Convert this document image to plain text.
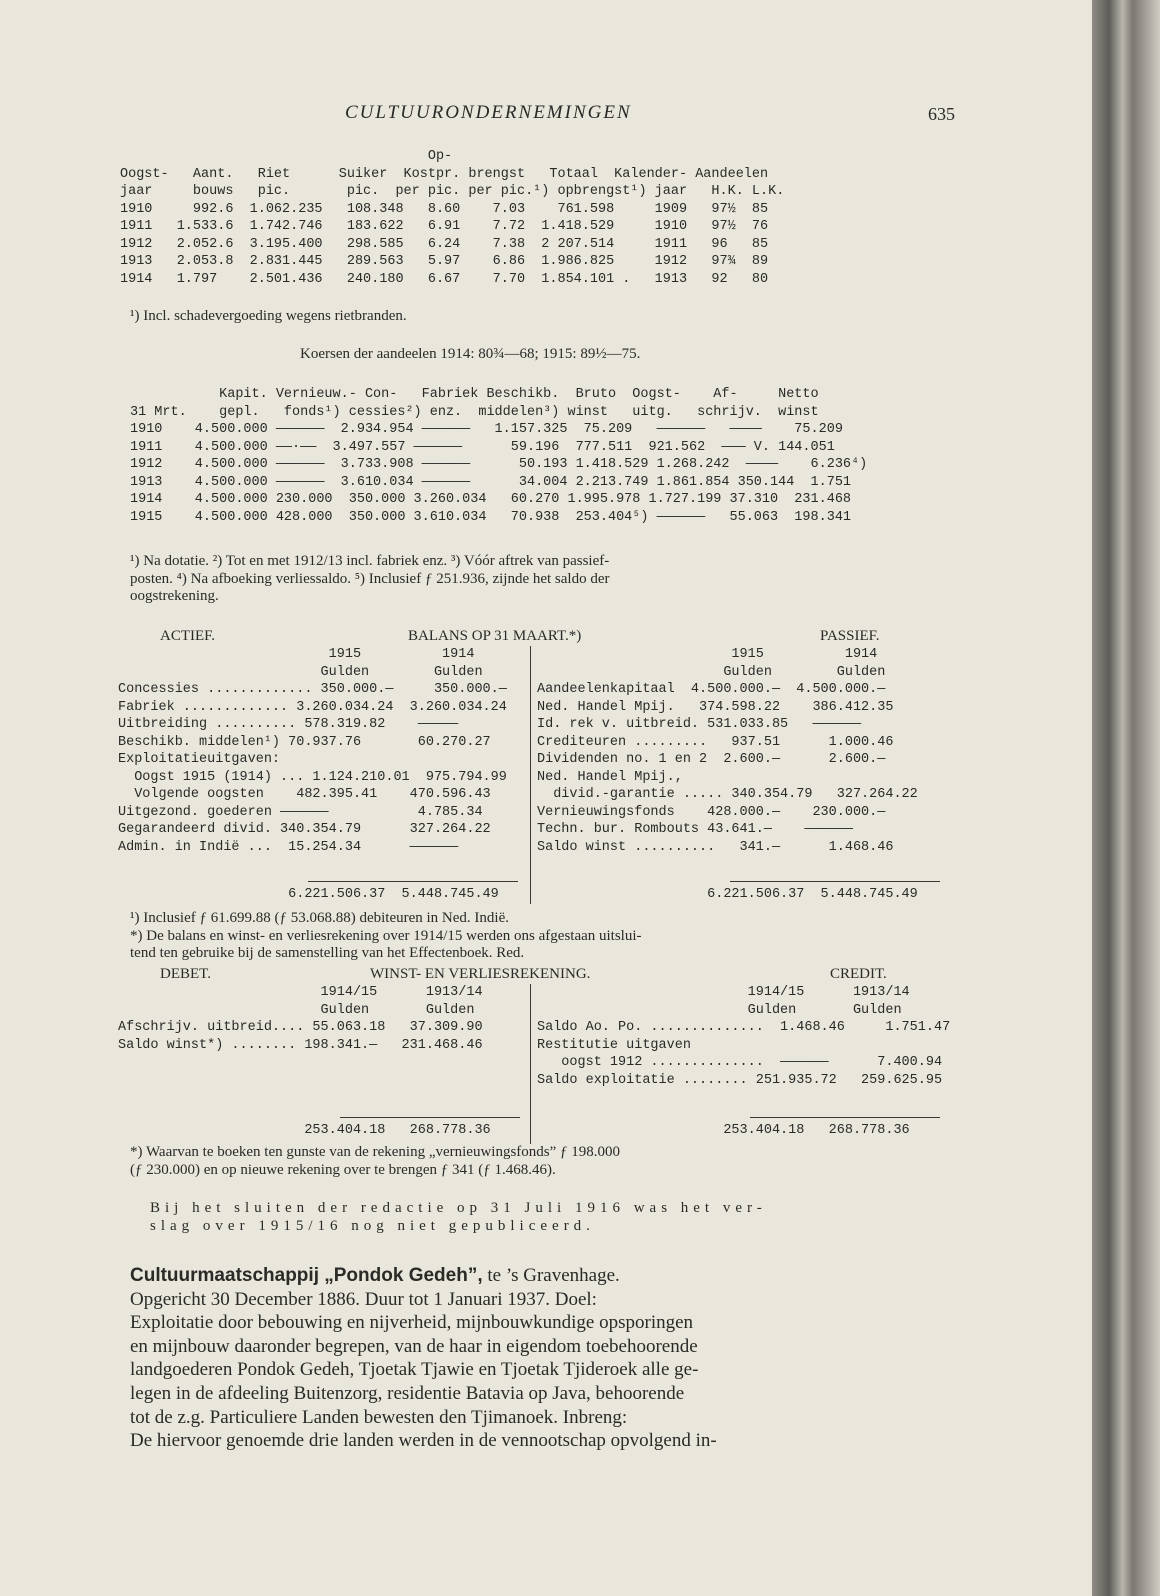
CULTUURONDERNEMINGEN	635
Op-
Oogst-   Aant.   Riet      Suiker  Kostpr. brengst   Totaal  Kalender- Aandeelen
jaar     bouws   pic.       pic.  per pic. per pic.¹) opbrengst¹) jaar   H.K. L.K.
1910     992.6  1.062.235   108.348   8.60    7.03    761.598     1909   97½  85
1911   1.533.6  1.742.746   183.622   6.91    7.72  1.418.529     1910   97½  76
1912   2.052.6  3.195.400   298.585   6.24    7.38  2 207.514     1911   96   85
1913   2.053.8  2.831.445   289.563   5.97    6.86  1.986.825     1912   97¾  89
1914   1.797    2.501.436   240.180   6.67    7.70  1.854.101 .   1913   92   80
¹) Incl. schadevergoeding wegens rietbranden.
Koersen der aandeelen 1914: 80¾—68; 1915: 89½—75.
Kapit. Vernieuw.- Con-   Fabriek Beschikb.  Bruto  Oogst-    Af-     Netto
31 Mrt.    gepl.   fonds¹) cessies²) enz.  middelen³) winst   uitg.   schrijv.  winst
1910    4.500.000 ——————  2.934.954 ——————   1.157.325  75.209   ——————   ————    75.209
1911    4.500.000 ——·——  3.497.557 ——————      59.196  777.511  921.562  ——— V. 144.051
1912    4.500.000 ——————  3.733.908 ——————      50.193 1.418.529 1.268.242  ————    6.236⁴)
1913    4.500.000 ——————  3.610.034 ——————      34.004 2.213.749 1.861.854 350.144  1.751
1914    4.500.000 230.000  350.000 3.260.034   60.270 1.995.978 1.727.199 37.310  231.468
1915    4.500.000 428.000  350.000 3.610.034   70.938  253.404⁵) ——————   55.063  198.341
¹) Na dotatie. ²) Tot en met 1912/13 incl. fabriek enz. ³) Vóór aftrek van passief-
posten. ⁴) Na afboeking verliessaldo. ⁵) Inclusief ƒ 251.936, zijnde het saldo der
oogstrekening.
ACTIEF.	BALANS OP 31 MAART.*)	PASSIEF.
1915          1914
Gulden        Gulden
Concessies ............. 350.000.—     350.000.—
Fabriek ............. 3.260.034.24  3.260.034.24
Uitbreiding .......... 578.319.82    —————
Beschikb. middelen¹) 70.937.76       60.270.27
Exploitatieuitgaven:
Oogst 1915 (1914) ... 1.124.210.01  975.794.99
Volgende oogsten    482.395.41    470.596.43
Uitgezond. goederen ——————           4.785.34
Gegarandeerd divid. 340.354.79      327.264.22
Admin. in Indië ...  15.254.34      ——————
6.221.506.37  5.448.745.49
1915          1914
Gulden        Gulden
Aandeelenkapitaal  4.500.000.—  4.500.000.—
Ned. Handel Mpij.   374.598.22    386.412.35
Id. rek v. uitbreid. 531.033.85   ——————
Crediteuren .........   937.51      1.000.46
Dividenden no. 1 en 2  2.600.—      2.600.—
Ned. Handel Mpij.,
divid.-garantie ..... 340.354.79   327.264.22
Vernieuwingsfonds    428.000.—    230.000.—
Techn. bur. Rombouts 43.641.—    ——————
Saldo winst ..........   341.—      1.468.46
6.221.506.37  5.448.745.49
¹) Inclusief ƒ 61.699.88 (ƒ 53.068.88) debiteuren in Ned. Indië.
*) De balans en winst- en verliesrekening over 1914/15 werden ons afgestaan uitslui-
tend ten gebruike bij de samenstelling van het Effectenboek. Red.
DEBET.	WINST- EN VERLIESREKENING.	CREDIT.
1914/15      1913/14
Gulden       Gulden
Afschrijv. uitbreid.... 55.063.18   37.309.90
Saldo winst*) ........ 198.341.—   231.468.46
253.404.18   268.778.36
1914/15      1913/14
Gulden       Gulden
Saldo Ao. Po. ..............  1.468.46     1.751.47
Restitutie uitgaven
oogst 1912 ..............  ——————      7.400.94
Saldo exploitatie ........ 251.935.72   259.625.95
253.404.18   268.778.36
*) Waarvan te boeken ten gunste van de rekening „vernieuwingsfonds” ƒ 198.000
(ƒ 230.000) en op nieuwe rekening over te brengen ƒ 341 (ƒ 1.468.46).
Bij het sluiten der redactie op 31 Juli 1916 was het ver-
slag over 1915/16 nog niet gepubliceerd.
Cultuurmaatschappij „Pondok Gedeh”, te ’s Gravenhage.
Opgericht 30 December 1886. Duur tot 1 Januari 1937. Doel:
Exploitatie door bebouwing en nijverheid, mijnbouwkundige opsporingen
en mijnbouw daaronder begrepen, van de haar in eigendom toebehoorende
landgoederen Pondok Gedeh, Tjoetak Tjawie en Tjoetak Tjideroek alle ge-
legen in de afdeeling Buitenzorg, residentie Batavia op Java, behoorende
tot de z.g. Particuliere Landen bewesten den Tjimanoek. Inbreng:
De hiervoor genoemde drie landen werden in de vennootschap opvolgend in-
